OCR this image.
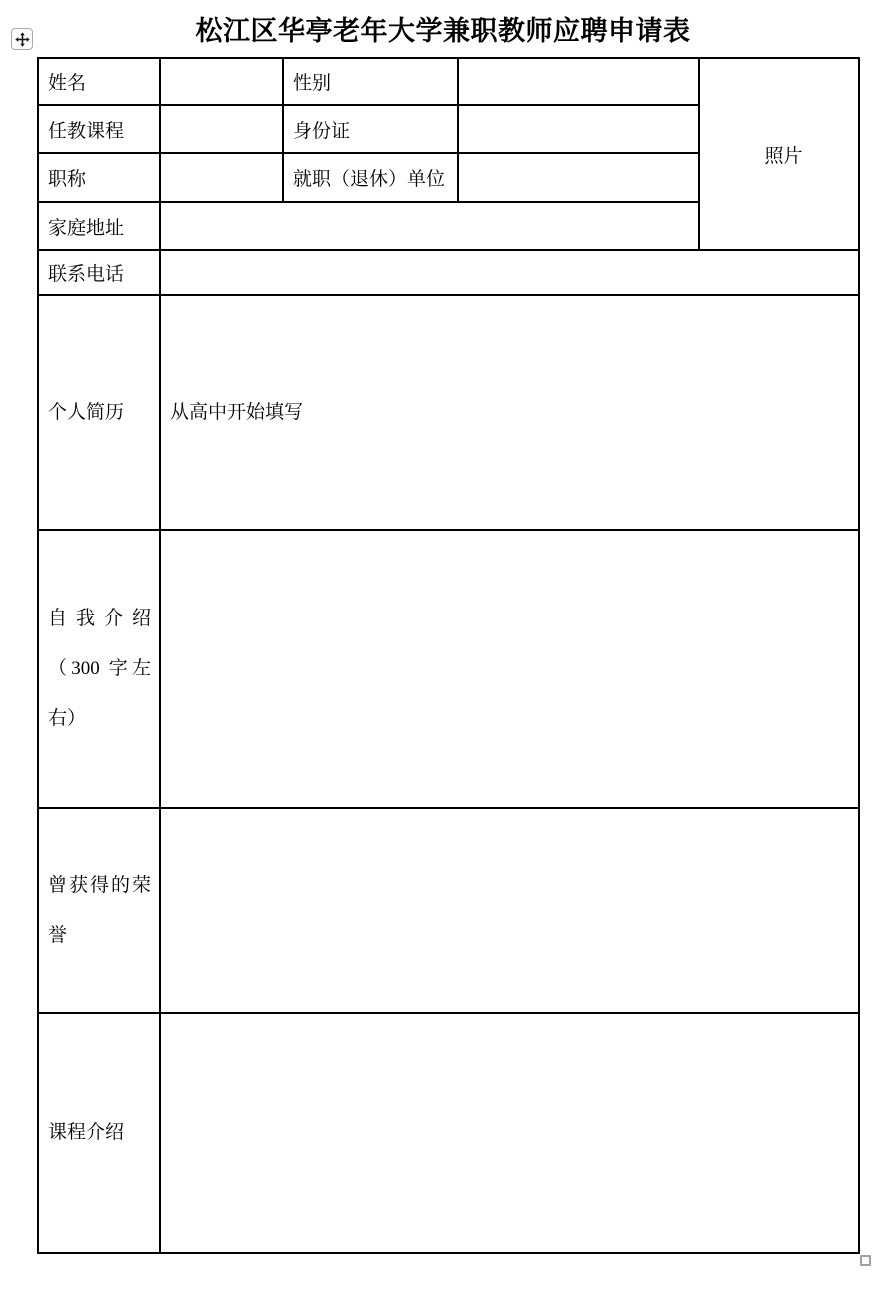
松江区华亭老年大学兼职教师应聘申请表
姓名		性别		照片
任教课程		身份证		
职称		就职（退休）单位		
家庭地址				
联系电话				
个人简历	从高中开始填写			

自我介绍
（300 字左
右）				

曾获得的荣
誉				

课程介绍				
